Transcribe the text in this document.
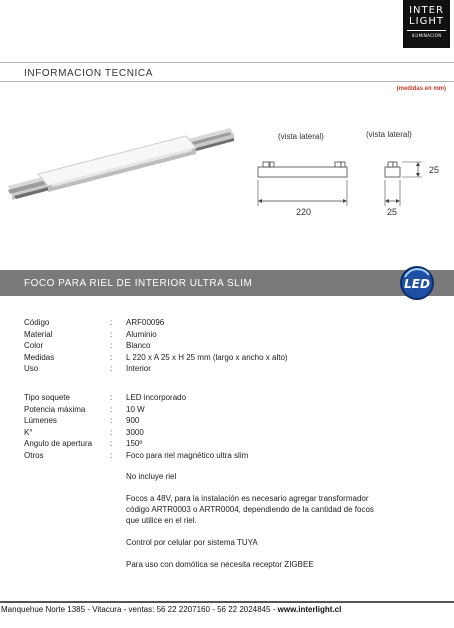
INTER
LIGHT
ILUMINACION
INFORMACION TECNICA
(medidas en mm)
(vista lateral)	(vista lateral)
220
25
25
FOCO PARA RIEL DE INTERIOR ULTRA SLIM	LED
Código	:	ARF00096
Material	:	Aluminio
Color	:	Blanco
Medidas	:	L 220 x A 25 x H 25 mm (largo x ancho x alto)
Uso	:	Interior
Tipo soquete	:	LED incorporado
Potencia máxima	:	10 W
Lúmenes	:	900
K°	:	3000
Angulo de apertura	:	150º
Otros	:	Foco para riel magnético ultra slim
No incluye riel
Focos a 48V, para la instalación es necesario agregar transformador
código ARTR0003 o ARTR0004, dependiendo de la cantidad de focos
que utilice en el riel.
Control por celular por sistema TUYA
Para uso con domótica se necesita receptor ZIGBEE
Manquehue Norte 1385 - Vitacura - ventas: 56 22 2207160 - 56 22 2024845 - www.interlight.cl
